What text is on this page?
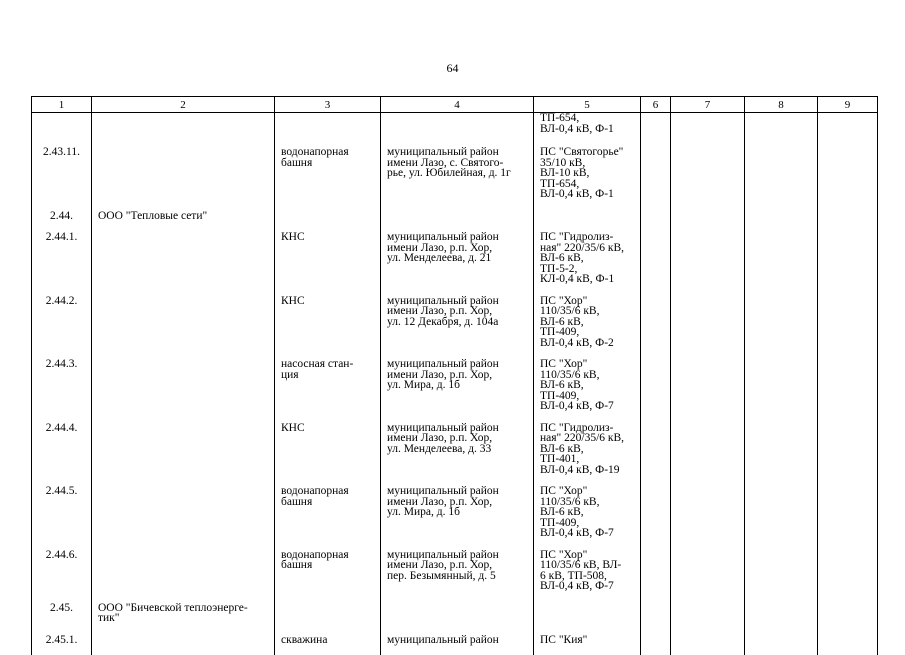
64
1	2	3	4	5	6	7	8	9

				ТП-654,
ВЛ-0,4 кВ, Ф-1				

2.43.11.		водонапорная
башня	муниципальный район
имени Лазо, с. Святого-
рье, ул. Юбилейная, д. 1г	ПС "Святогорье"
35/10 кВ,
ВЛ-10 кВ,
ТП-654,
ВЛ-0,4 кВ, Ф-1				

2.44.	ООО "Тепловые сети"							

2.44.1.		КНС	муниципальный район
имени Лазо, р.п. Хор,
ул. Менделеева, д. 21	ПС "Гидролиз-
ная" 220/35/6 кВ,
ВЛ-6 кВ,
ТП-5-2,
КЛ-0,4 кВ, Ф-1				

2.44.2.		КНС	муниципальный район
имени Лазо, р.п. Хор,
ул. 12 Декабря, д. 104а	ПС "Хор"
110/35/6 кВ,
ВЛ-6 кВ,
ТП-409,
ВЛ-0,4 кВ, Ф-2				

2.44.3.		насосная стан-
ция	муниципальный район
имени Лазо, р.п. Хор,
ул. Мира, д. 1б	ПС "Хор"
110/35/6 кВ,
ВЛ-6 кВ,
ТП-409,
ВЛ-0,4 кВ, Ф-7				

2.44.4.		КНС	муниципальный район
имени Лазо, р.п. Хор,
ул. Менделеева, д. 33	ПС "Гидролиз-
ная" 220/35/6 кВ,
ВЛ-6 кВ,
ТП-401,
ВЛ-0,4 кВ, Ф-19				

2.44.5.		водонапорная
башня	муниципальный район
имени Лазо, р.п. Хор,
ул. Мира, д. 1б	ПС "Хор"
110/35/6 кВ,
ВЛ-6 кВ,
ТП-409,
ВЛ-0,4 кВ, Ф-7				

2.44.6.		водонапорная
башня	муниципальный район
имени Лазо, р.п. Хор,
пер. Безымянный, д. 5	ПС "Хор"
110/35/6 кВ, ВЛ-
6 кВ, ТП-508,
ВЛ-0,4 кВ, Ф-7				

2.45.	ООО "Бичевской теплоэнерге-
тик"							

2.45.1.		скважина	муниципальный район	ПС "Кия"				
